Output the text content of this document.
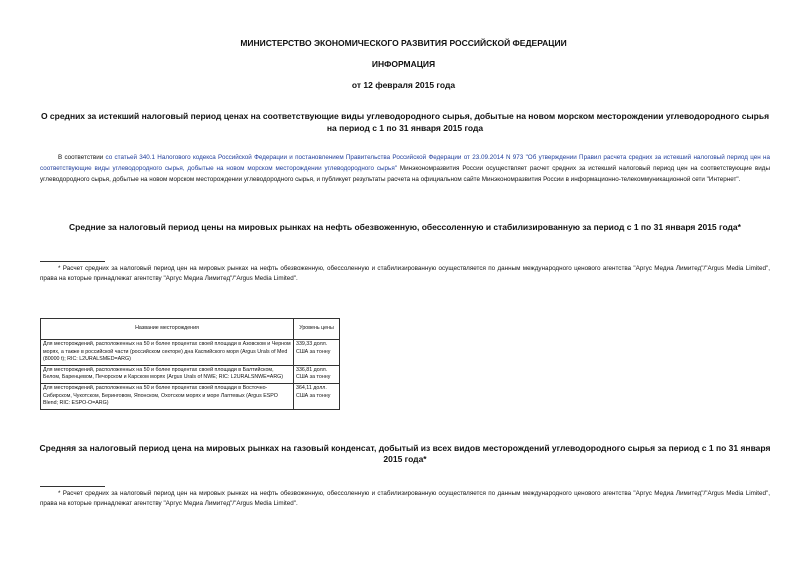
МИНИСТЕРСТВО ЭКОНОМИЧЕСКОГО РАЗВИТИЯ РОССИЙСКОЙ ФЕДЕРАЦИИ
ИНФОРМАЦИЯ
от 12 февраля 2015 года
О средних за истекший налоговый период ценах на соответствующие виды углеводородного сырья, добытые на новом морском месторождении углеводородного сырья на период с 1 по 31 января 2015 года
В соответствии со статьей 340.1 Налогового кодекса Российской Федерации и постановлением Правительства Российской Федерации от 23.09.2014 N 973 "Об утверждении Правил расчета средних за истекший налоговый период цен на соответствующие виды углеводородного сырья, добытые на новом морском месторождении углеводородного сырья" Минэкономразвития России осуществляет расчет средних за истекший налоговый период цен на соответствующие виды углеводородного сырья, добытые на новом морском месторождении углеводородного сырья, и публикует результаты расчета на официальном сайте Минэкономразвития России в информационно-телекоммуникационной сети "Интернет".
Средние за налоговый период цены на мировых рынках на нефть обезвоженную, обессоленную и стабилизированную за период с 1 по 31 января 2015 года*
* Расчет средних за налоговый период цен на мировых рынках на нефть обезвоженную, обессоленную и стабилизированную осуществляется по данным международного ценового агентства "Аргус Медиа Лимитед"/"Argus Media Limited", права на которые принадлежат агентству "Аргус Медиа Лимитед"/"Argus Media Limited".
Название месторождения	Уровень цены
Для месторождений, расположенных на 50 и более процентах своей площади в Азовском и Черном морях, а также в российской части (российском секторе) дна Каспийского моря (Argus Urals of Med (80000 t); RIC: L2URALSMED=ARG)	339,33 долл. США за тонну
Для месторождений, расположенных на 50 и более процентах своей площади в Балтийском, Белом, Баренцевом, Печорском и Карском морях (Argus Urals of NWE; RIC: L2URALSNWE=ARG)	336,81 долл. США за тонну
Для месторождений, расположенных на 50 и более процентах своей площади в Восточно-Сибирском, Чукотском, Беринговом, Японском, Охотском морях и море Лаптевых (Argus ESPO Blend; RIC: ESPO-O=ARG)	364,11 долл. США за тонну
Средняя за налоговый период цена на мировых рынках на газовый конденсат, добытый из всех видов месторождений углеводородного сырья за период с 1 по 31 января 2015 года*
* Расчет средних за налоговый период цен на мировых рынках на нефть обезвоженную, обессоленную и стабилизированную осуществляется по данным международного ценового агентства "Аргус Медиа Лимитед"/"Argus Media Limited", права на которые принадлежат агентству "Аргус Медиа Лимитед"/"Argus Media Limited".
